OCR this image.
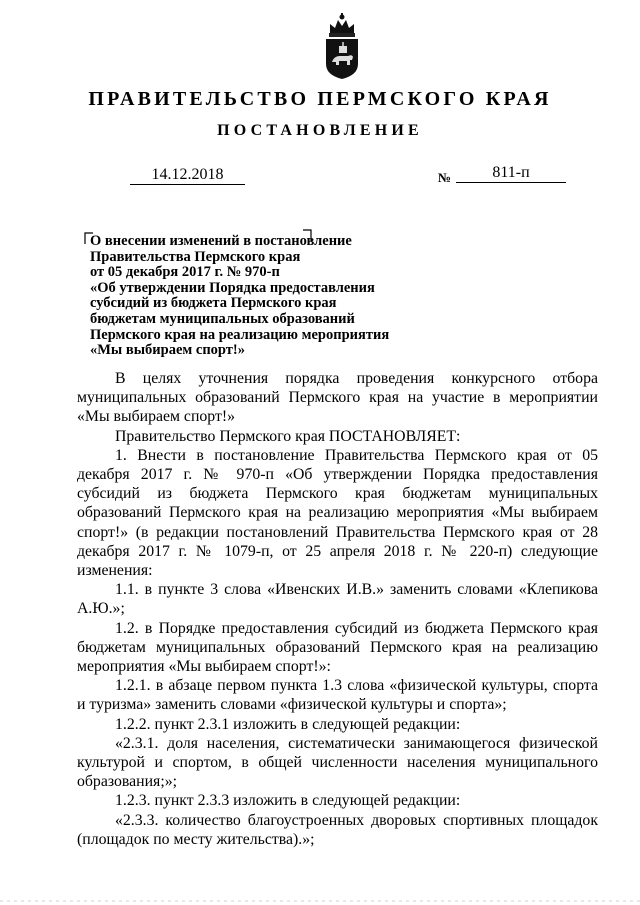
ПРАВИТЕЛЬСТВО ПЕРМСКОГО КРАЯ
ПОСТАНОВЛЕНИЕ
14.12.2018	№	811-п
О внесении изменений в постановление
Правительства Пермского края
от 05 декабря 2017 г. № 970-п
«Об утверждении Порядка предоставления
субсидий из бюджета Пермского края
бюджетам муниципальных образований
Пермского края на реализацию мероприятия
«Мы выбираем спорт!»

В целях уточнения порядка проведения конкурсного отбора муниципальных образований Пермского края на участие в мероприятии «Мы выбираем спорт!»

Правительство Пермского края ПОСТАНОВЛЯЕТ:

1. Внести в постановление Правительства Пермского края от 05 декабря 2017 г. № 970-п «Об утверждении Порядка предоставления субсидий из бюджета Пермского края бюджетам муниципальных образований Пермского края на реализацию мероприятия «Мы выбираем спорт!» (в редакции постановлений Правительства Пермского края от 28 декабря 2017 г. № 1079-п, от 25 апреля 2018 г. № 220-п) следующие изменения:

1.1. в пункте 3 слова «Ивенских И.В.» заменить словами «Клепикова А.Ю.»;

1.2. в Порядке предоставления субсидий из бюджета Пермского края бюджетам муниципальных образований Пермского края на реализацию мероприятия «Мы выбираем спорт!»:

1.2.1. в абзаце первом пункта 1.3 слова «физической культуры, спорта и туризма» заменить словами «физической культуры и спорта»;

1.2.2. пункт 2.3.1 изложить в следующей редакции:

«2.3.1. доля населения, систематически занимающегося физической культурой и спортом, в общей численности населения муниципального образования;»;

1.2.3. пункт 2.3.3 изложить в следующей редакции:

«2.3.3. количество благоустроенных дворовых спортивных площадок (площадок по месту жительства).»;
